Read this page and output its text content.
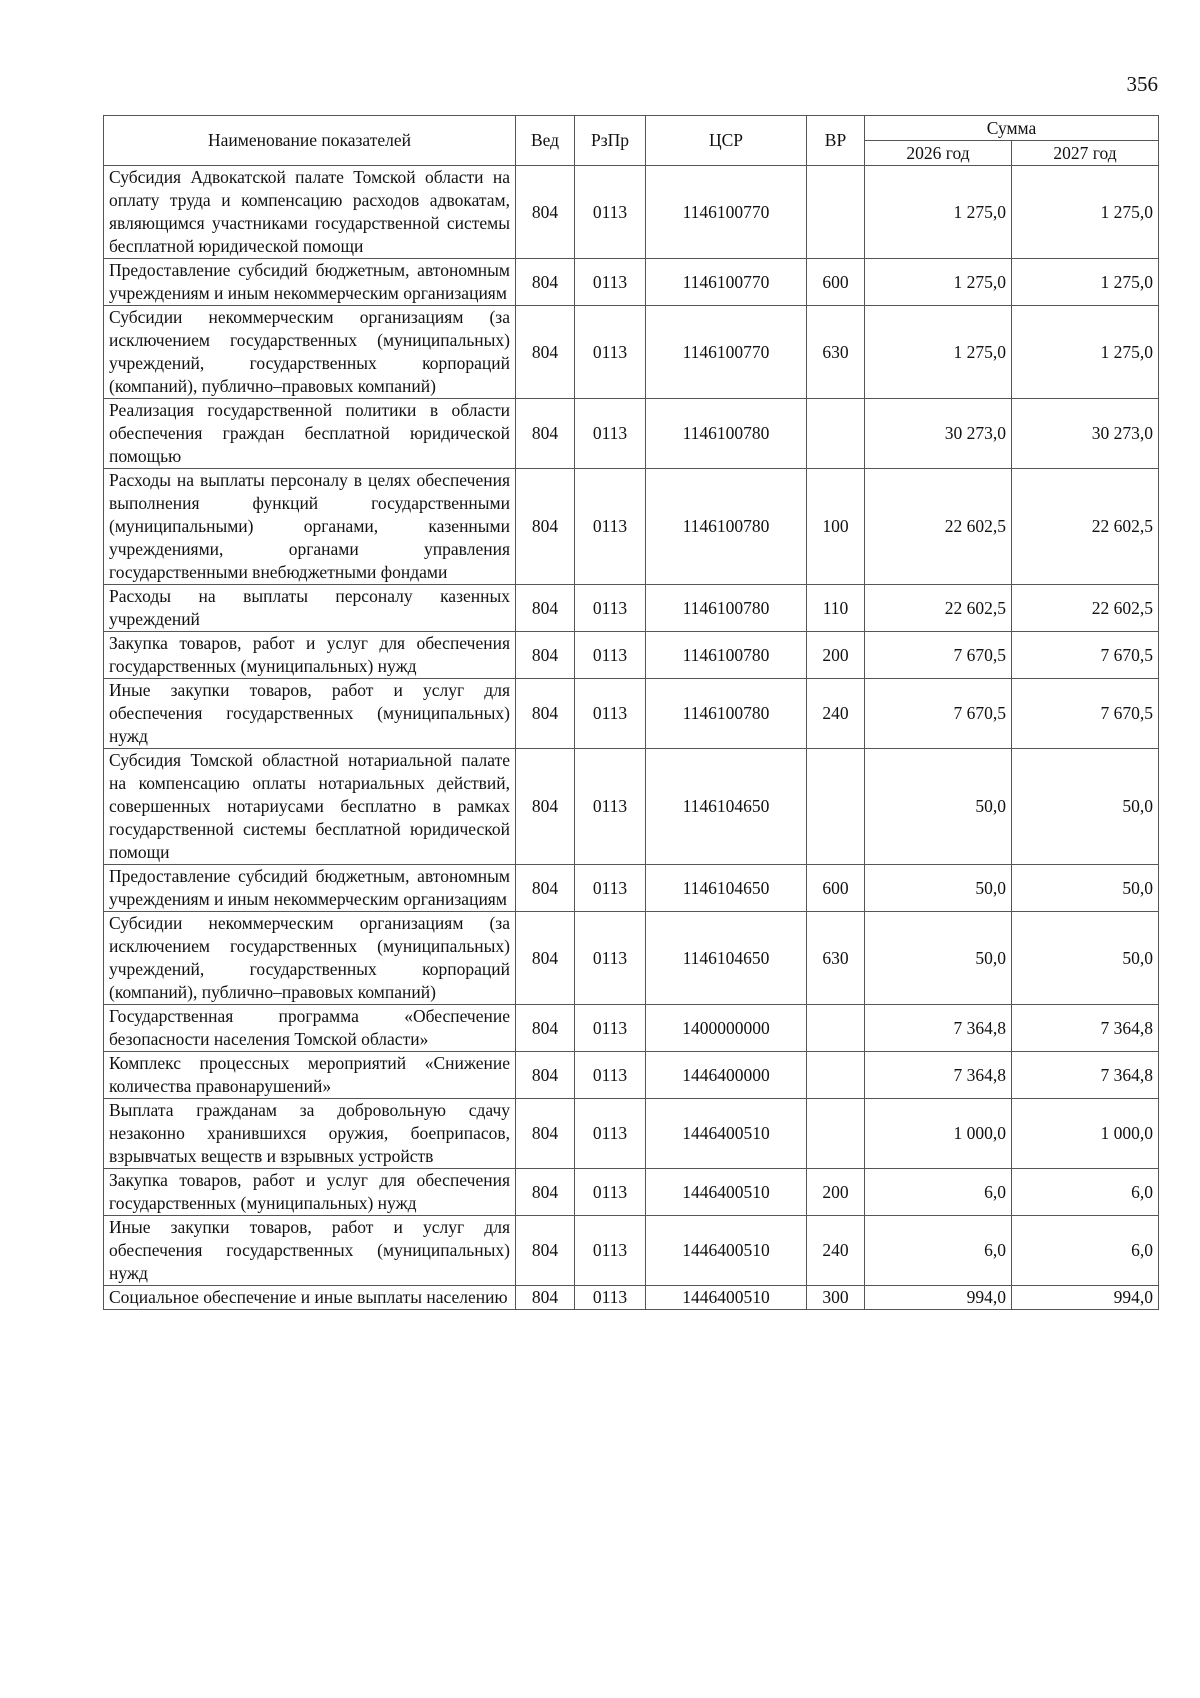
356
Наименование показателей	Вед	РзПр	ЦСР	ВР	Сумма	
					2026 год	2027 год
Субсидия Адвокатской палате Томской области на оплату труда и компенсацию расходов адвокатам, являющимся участниками государственной системы бесплатной юридической помощи	804	0113	1146100770		1 275,0	1 275,0
Предоставление субсидий бюджетным, автономным учреждениям и иным некоммерческим организациям	804	0113	1146100770	600	1 275,0	1 275,0
Субсидии некоммерческим организациям (за исключением государственных (муниципальных) учреждений, государственных корпораций (компаний), публично–правовых компаний)	804	0113	1146100770	630	1 275,0	1 275,0
Реализация государственной политики в области обеспечения граждан бесплатной юридической помощью	804	0113	1146100780		30 273,0	30 273,0
Расходы на выплаты персоналу в целях обеспечения выполнения функций государственными (муниципальными) органами, казенными учреждениями, органами управления государственными внебюджетными фондами	804	0113	1146100780	100	22 602,5	22 602,5
Расходы на выплаты персоналу казенных учреждений	804	0113	1146100780	110	22 602,5	22 602,5
Закупка товаров, работ и услуг для обеспечения государственных (муниципальных) нужд	804	0113	1146100780	200	7 670,5	7 670,5
Иные закупки товаров, работ и услуг для обеспечения государственных (муниципальных) нужд	804	0113	1146100780	240	7 670,5	7 670,5
Субсидия Томской областной нотариальной палате на компенсацию оплаты нотариальных действий, совершенных нотариусами бесплатно в рамках государственной системы бесплатной юридической помощи	804	0113	1146104650		50,0	50,0
Предоставление субсидий бюджетным, автономным учреждениям и иным некоммерческим организациям	804	0113	1146104650	600	50,0	50,0
Субсидии некоммерческим организациям (за исключением государственных (муниципальных) учреждений, государственных корпораций (компаний), публично–правовых компаний)	804	0113	1146104650	630	50,0	50,0
Государственная программа «Обеспечение безопасности населения Томской области»	804	0113	1400000000		7 364,8	7 364,8
Комплекс процессных мероприятий «Снижение количества правонарушений»	804	0113	1446400000		7 364,8	7 364,8
Выплата гражданам за добровольную сдачу незаконно хранившихся оружия, боеприпасов, взрывчатых веществ и взрывных устройств	804	0113	1446400510		1 000,0	1 000,0
Закупка товаров, работ и услуг для обеспечения государственных (муниципальных) нужд	804	0113	1446400510	200	6,0	6,0
Иные закупки товаров, работ и услуг для обеспечения государственных (муниципальных) нужд	804	0113	1446400510	240	6,0	6,0
Социальное обеспечение и иные выплаты населению	804	0113	1446400510	300	994,0	994,0
